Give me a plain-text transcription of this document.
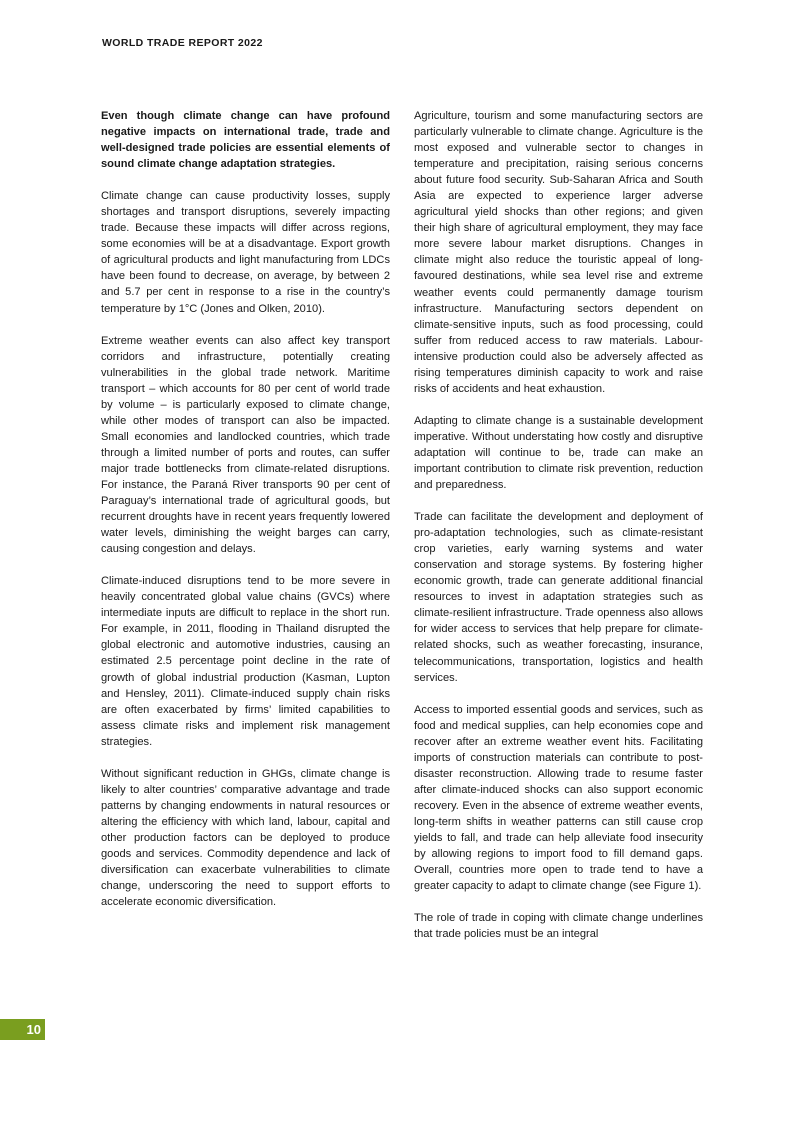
WORLD TRADE REPORT 2022

Even though climate change can have profound negative impacts on international trade, trade and well-designed trade policies are essential elements of sound climate change adaptation strategies.

Climate change can cause productivity losses, supply shortages and transport disruptions, severely impacting trade. Because these impacts will differ across regions, some economies will be at a disadvantage. Export growth of agricultural products and light manufacturing from LDCs have been found to decrease, on average, by between 2 and 5.7 per cent in response to a rise in the country’s temperature by 1°C (Jones and Olken, 2010).

Extreme weather events can also affect key transport corridors and infrastructure, potentially creating vulnerabilities in the global trade network. Maritime transport – which accounts for 80 per cent of world trade by volume – is particularly exposed to climate change, while other modes of transport can also be impacted. Small economies and landlocked countries, which trade through a limited number of ports and routes, can suffer major trade bottlenecks from climate-related disruptions. For instance, the Paraná River transports 90 per cent of Paraguay’s international trade of agricultural goods, but recurrent droughts have in recent years frequently lowered water levels, diminishing the weight barges can carry, causing congestion and delays.

Climate-induced disruptions tend to be more severe in heavily concentrated global value chains (GVCs) where intermediate inputs are difficult to replace in the short run. For example, in 2011, flooding in Thailand disrupted the global electronic and automotive industries, causing an estimated 2.5 percentage point decline in the rate of growth of global industrial production (Kasman, Lupton and Hensley, 2011). Climate-induced supply chain risks are often exacerbated by firms’ limited capabilities to assess climate risks and implement risk management strategies.

Without significant reduction in GHGs, climate change is likely to alter countries’ comparative advantage and trade patterns by changing endowments in natural resources or altering the efficiency with which land, labour, capital and other production factors can be deployed to produce goods and services. Commodity dependence and lack of diversification can exacerbate vulnerabilities to climate change, underscoring the need to support efforts to accelerate economic diversification.

Agriculture, tourism and some manufacturing sectors are particularly vulnerable to climate change. Agriculture is the most exposed and vulnerable sector to changes in temperature and precipitation, raising serious concerns about future food security. Sub-Saharan Africa and South Asia are expected to experience larger adverse agricultural yield shocks than other regions; and given their high share of agricultural employment, they may face more severe labour market disruptions. Changes in climate might also reduce the touristic appeal of long-favoured destinations, while sea level rise and extreme weather events could permanently damage tourism infrastructure. Manufacturing sectors dependent on climate-sensitive inputs, such as food processing, could suffer from reduced access to raw materials. Labour-intensive production could also be adversely affected as rising temperatures diminish capacity to work and raise risks of accidents and heat exhaustion.

Adapting to climate change is a sustainable development imperative. Without understating how costly and disruptive adaptation will continue to be, trade can make an important contribution to climate risk prevention, reduction and preparedness.

Trade can facilitate the development and deployment of pro-adaptation technologies, such as climate-resistant crop varieties, early warning systems and water conservation and storage systems. By fostering higher economic growth, trade can generate additional financial resources to invest in adaptation strategies such as climate-resilient infrastructure. Trade openness also allows for wider access to services that help prepare for climate-related shocks, such as weather forecasting, insurance, telecommunications, transportation, logistics and health services.

Access to imported essential goods and services, such as food and medical supplies, can help economies cope and recover after an extreme weather event hits. Facilitating imports of construction materials can contribute to post-disaster reconstruction. Allowing trade to resume faster after climate-induced shocks can also support economic recovery. Even in the absence of extreme weather events, long-term shifts in weather patterns can still cause crop yields to fall, and trade can help alleviate food insecurity by allowing regions to import food to fill demand gaps. Overall, countries more open to trade tend to have a greater capacity to adapt to climate change (see Figure 1).

The role of trade in coping with climate change underlines that trade policies must be an integral

10
